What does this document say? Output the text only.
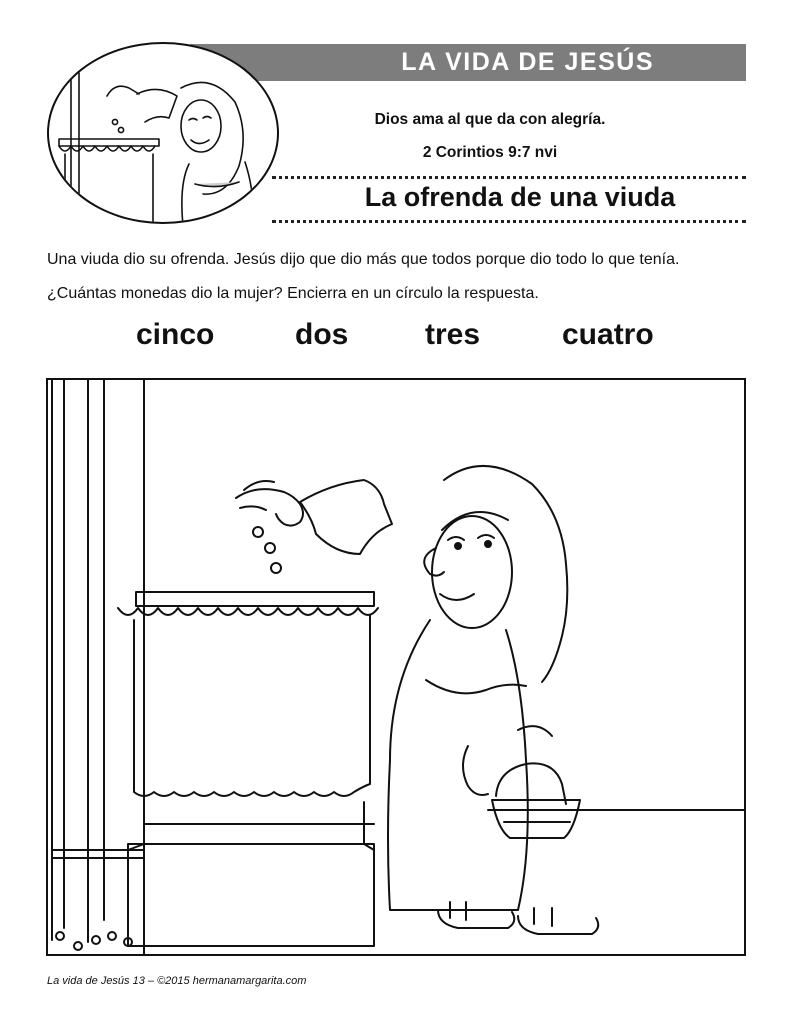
LA VIDA DE JESÚS
Dios ama al que da con alegría.
2 Corintios 9:7 nvi
La ofrenda de una viuda
Una viuda dio su ofrenda. Jesús dijo que dio más que todos porque dio todo lo que tenía.
¿Cuántas monedas dio la mujer? Encierra en un círculo la respuesta.
cinco	dos	tres	cuatro
La vida de Jesús 13 – ©2015 hermanamargarita.com
